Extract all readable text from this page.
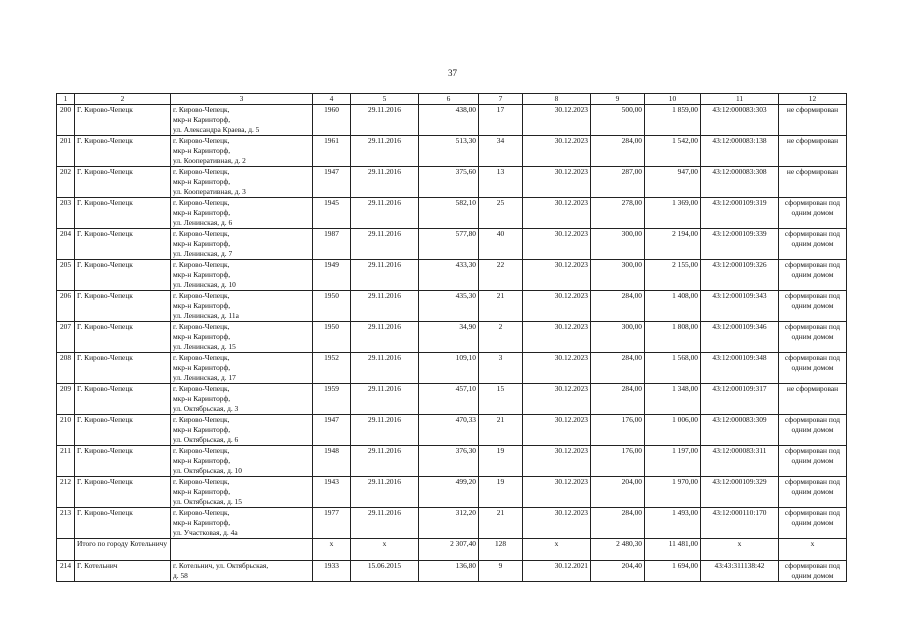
37
1	2	3	4	5	6	7	8	9	10	11	12
200	Г. Кирово-Чепецк	г. Кирово-Чепецк,
мкр-н Каринторф,
ул. Александра Краева, д. 5	1960	29.11.2016	438,00	17	30.12.2023	500,00	1 859,00	43:12:000083:303	не сформирован
201	Г. Кирово-Чепецк	г. Кирово-Чепецк,
мкр-н Каринторф,
ул. Кооперативная, д. 2	1961	29.11.2016	513,30	34	30.12.2023	284,00	1 542,00	43:12:000083:138	не сформирован
202	Г. Кирово-Чепецк	г. Кирово-Чепецк,
мкр-н Каринторф,
ул. Кооперативная, д. 3	1947	29.11.2016	375,60	13	30.12.2023	287,00	947,00	43:12:000083:308	не сформирован
203	Г. Кирово-Чепецк	г. Кирово-Чепецк,
мкр-н Каринторф,
ул. Ленинская, д. 6	1945	29.11.2016	582,10	25	30.12.2023	278,00	1 369,00	43:12:000109:319	сформирован под одним домом
204	Г. Кирово-Чепецк	г. Кирово-Чепецк,
мкр-н Каринторф,
ул. Ленинская, д. 7	1987	29.11.2016	577,80	40	30.12.2023	300,00	2 194,00	43:12:000109:339	сформирован под одним домом
205	Г. Кирово-Чепецк	г. Кирово-Чепецк,
мкр-н Каринторф,
ул. Ленинская, д. 10	1949	29.11.2016	433,30	22	30.12.2023	300,00	2 155,00	43:12:000109:326	сформирован под одним домом
206	Г. Кирово-Чепецк	г. Кирово-Чепецк,
мкр-н Каринторф,
ул. Ленинская, д. 11а	1950	29.11.2016	435,30	21	30.12.2023	284,00	1 408,00	43:12:000109:343	сформирован под одним домом
207	Г. Кирово-Чепецк	г. Кирово-Чепецк,
мкр-н Каринторф,
ул. Ленинская, д. 15	1950	29.11.2016	34,90	2	30.12.2023	300,00	1 808,00	43:12:000109:346	сформирован под одним домом
208	Г. Кирово-Чепецк	г. Кирово-Чепецк,
мкр-н Каринторф,
ул. Ленинская, д. 17	1952	29.11.2016	109,10	3	30.12.2023	284,00	1 568,00	43:12:000109:348	сформирован под одним домом
209	Г. Кирово-Чепецк	г. Кирово-Чепецк,
мкр-н Каринторф,
ул. Октябрьская, д. 3	1959	29.11.2016	457,10	15	30.12.2023	284,00	1 348,00	43:12:000109:317	не сформирован
210	Г. Кирово-Чепецк	г. Кирово-Чепецк,
мкр-н Каринторф,
ул. Октябрьская, д. 6	1947	29.11.2016	470,33	21	30.12.2023	176,00	1 006,00	43:12:000083:309	сформирован под одним домом
211	Г. Кирово-Чепецк	г. Кирово-Чепецк,
мкр-н Каринторф,
ул. Октябрьская, д. 10	1948	29.11.2016	376,30	19	30.12.2023	176,00	1 197,00	43:12:000083:311	сформирован под одним домом
212	Г. Кирово-Чепецк	г. Кирово-Чепецк,
мкр-н Каринторф,
ул. Октябрьская, д. 15	1943	29.11.2016	499,20	19	30.12.2023	204,00	1 970,00	43:12:000109:329	сформирован под одним домом
213	Г. Кирово-Чепецк	г. Кирово-Чепецк,
мкр-н Каринторф,
ул. Участковая, д. 4а	1977	29.11.2016	312,20	21	30.12.2023	284,00	1 493,00	43:12:000110:170	сформирован под одним домом
	Итого по городу Котельничу		x	x	2 307,40	128	x	2 480,30	11 481,00	x	x
214	Г. Котельнич	г. Котельнич, ул. Октябрьская,
д. 58	1933	15.06.2015	136,80	9	30.12.2021	204,40	1 694,00	43:43:311138:42	сформирован под одним домом
